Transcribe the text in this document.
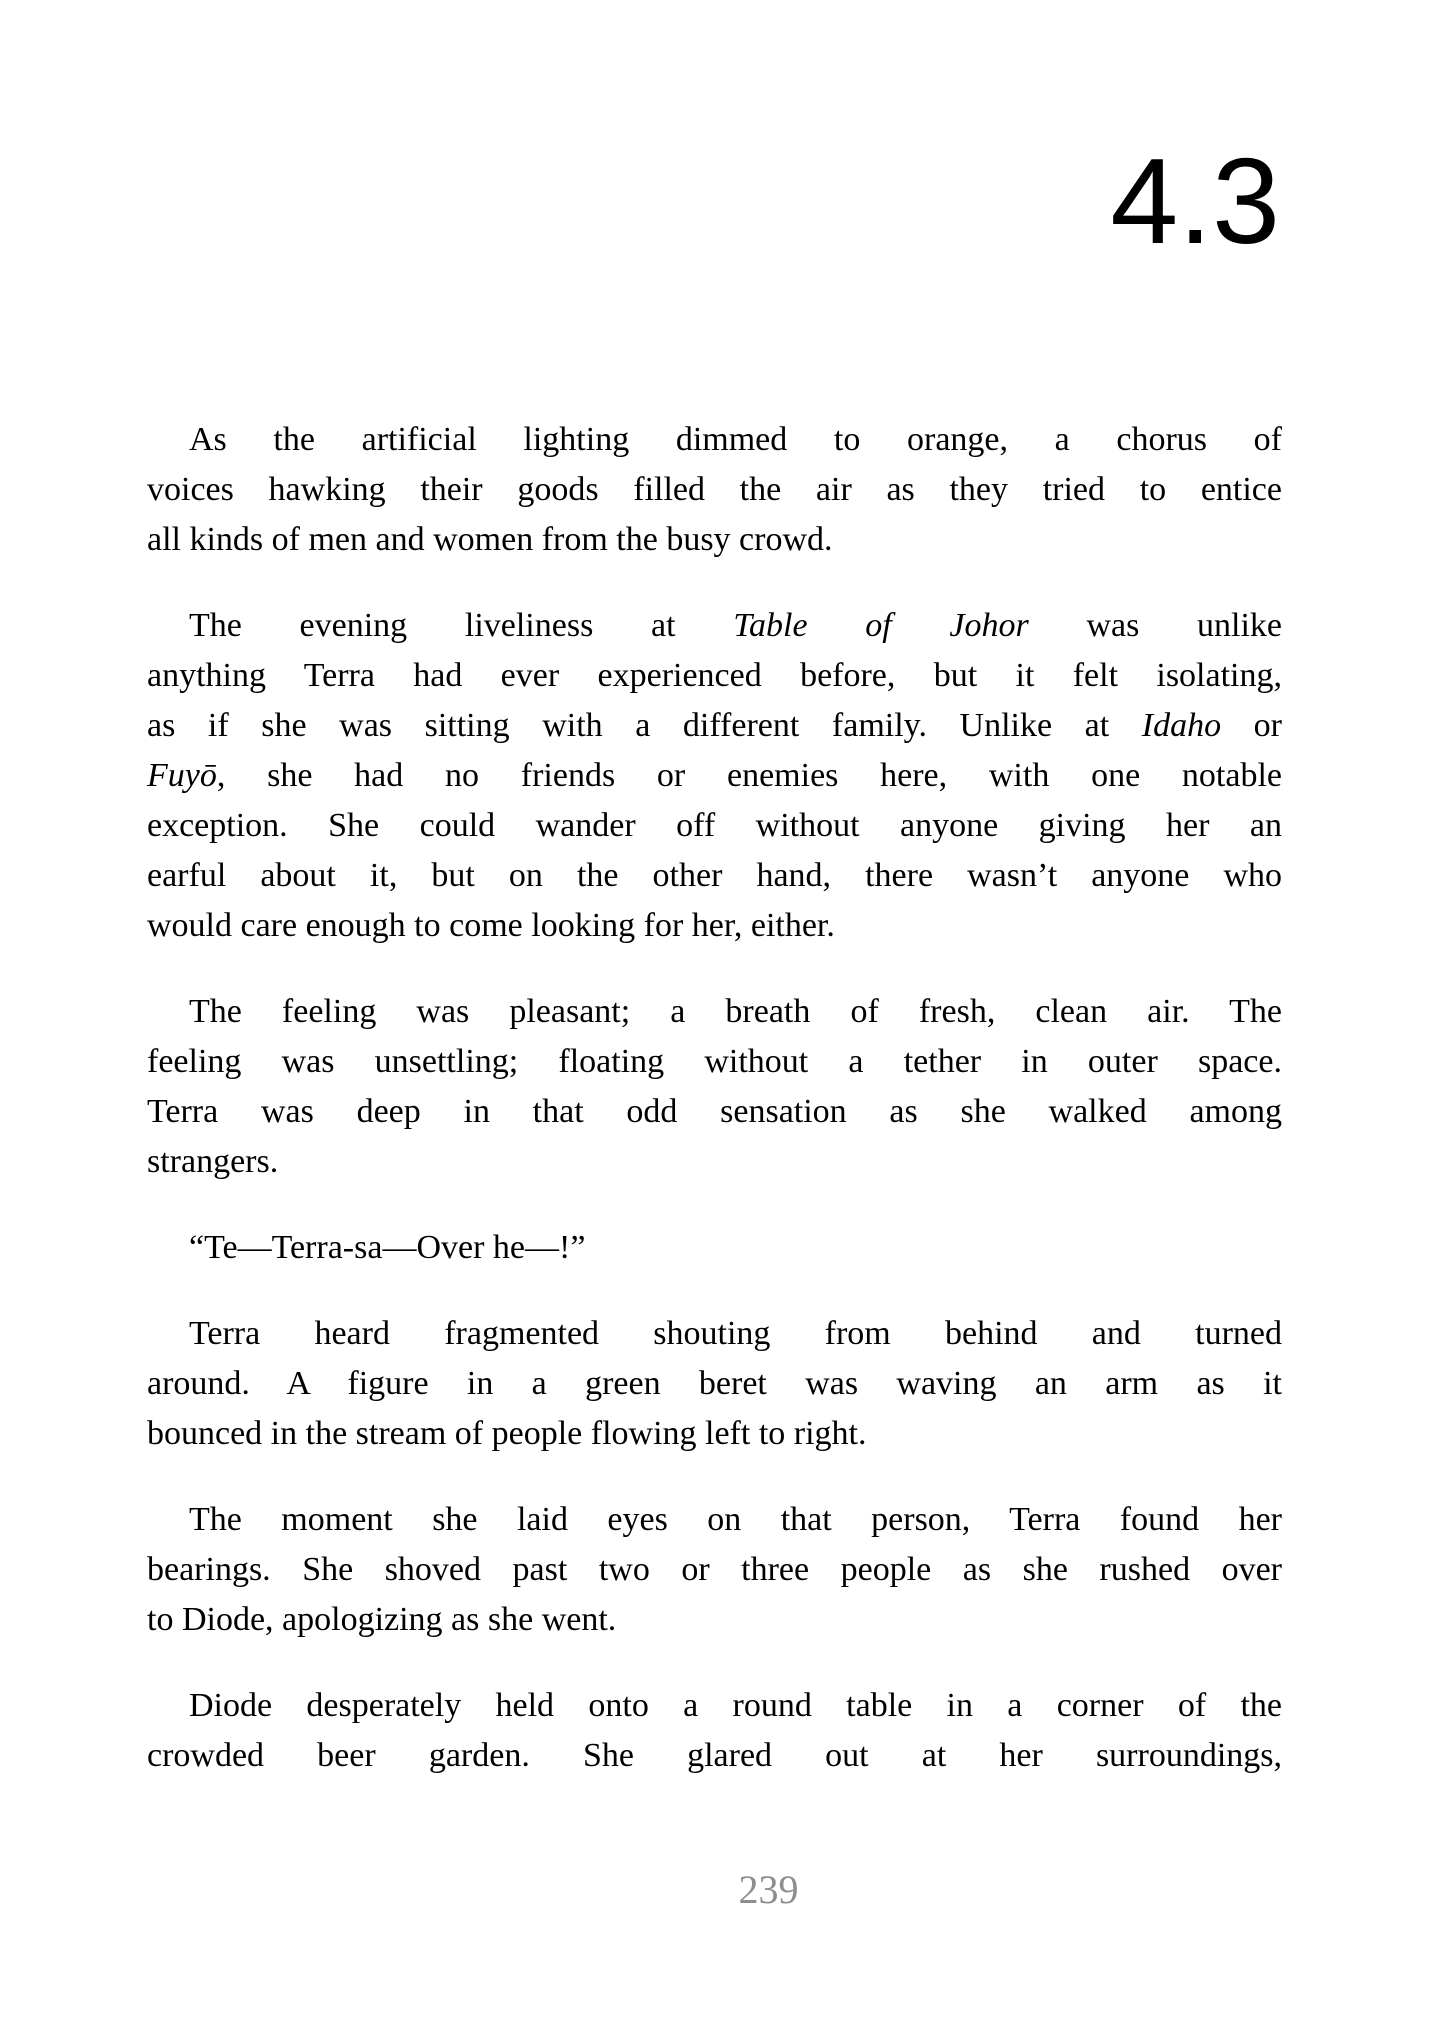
4.3
As the artificial lighting dimmed to orange, a chorus of
voices hawking their goods filled the air as they tried to entice
all kinds of men and women from the busy crowd.
The evening liveliness at Table of Johor was unlike
anything Terra had ever experienced before, but it felt isolating,
as if she was sitting with a different family. Unlike at Idaho or
Fuyō, she had no friends or enemies here, with one notable
exception. She could wander off without anyone giving her an
earful about it, but on the other hand, there wasn’t anyone who
would care enough to come looking for her, either.
The feeling was pleasant; a breath of fresh, clean air. The
feeling was unsettling; floating without a tether in outer space.
Terra was deep in that odd sensation as she walked among
strangers.
“Te—Terra-sa—Over he—!”
Terra heard fragmented shouting from behind and turned
around. A figure in a green beret was waving an arm as it
bounced in the stream of people flowing left to right.
The moment she laid eyes on that person, Terra found her
bearings. She shoved past two or three people as she rushed over
to Diode, apologizing as she went.
Diode desperately held onto a round table in a corner of the
crowded beer garden. She glared out at her surroundings,
239
